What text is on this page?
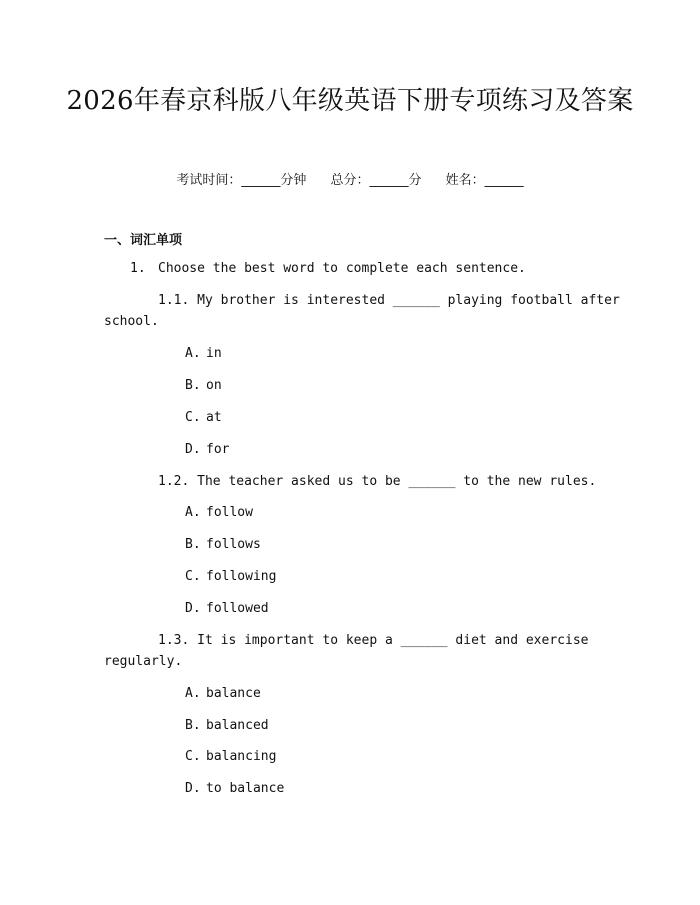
2026年春京科版八年级英语下册专项练习及答案
考试时间：______分钟 总分：______分 姓名：______
一、词汇单项
1. Choose the best word to complete each sentence.
1.1. My brother is interested ______ playing football after
school.
A. in
B. on
C. at
D. for
1.2. The teacher asked us to be ______ to the new rules.
A. follow
B. follows
C. following
D. followed
1.3. It is important to keep a ______ diet and exercise
regularly.
A. balance
B. balanced
C. balancing
D. to balance
